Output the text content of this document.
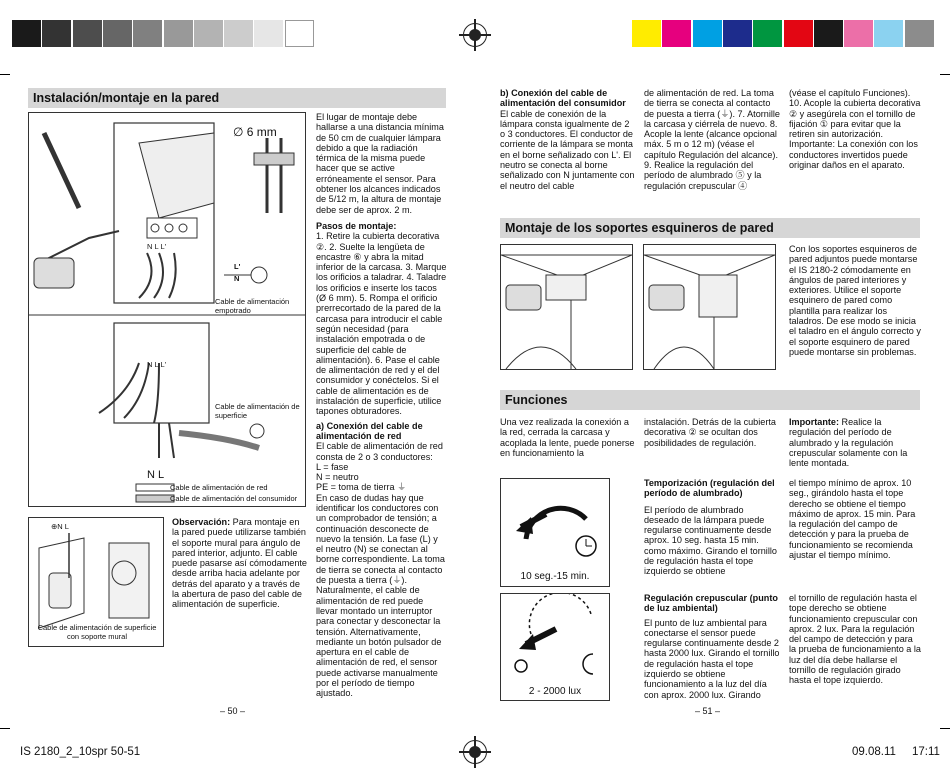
Instalación/montaje en la pared
∅ 6 mm
N L L'
L'
N
Cable de alimentación empotrado
N L L'
Cable de alimentación de superficie
N L
Cable de alimentación de red
Cable de alimentación del consumidor
⊕N L
Cable de alimentación de superficie con soporte mural

El lugar de montaje debe hallarse a una distancia mínima de 50 cm de cualquier lámpara debido a que la radiación térmica de la misma puede hacer que se active erróneamente el sensor. Para obtener los alcances indicados de 5/12 m, la altura de montaje debe ser de aprox. 2 m.

Pasos de montaje:

1. Retire la cubierta decorativa ②. 2. Suelte la lengüeta de encastre ⑥ y abra la mitad inferior de la carcasa. 3. Marque los orificios a taladrar. 4. Taladre los orificios e inserte los tacos (Ø 6 mm). 5. Rompa el orificio prerrecortado de la pared de la carcasa para introducir el cable según necesidad (para instalación empotrada o de superficie del cable de alimentación). 6. Pase el cable de alimentación de red y el del consumidor y conéctelos. Si el cable de alimentación es de instalación de superficie, utilice tapones obturadores.

a) Conexión del cable de alimentación de red

El cable de alimentación de red consta de 2 o 3 conductores:

L = fase
N = neutro
PE = toma de tierra ⏚

En caso de dudas hay que identificar los conductores con un comprobador de tensión; a continuación desconecte de nuevo la tensión. La fase (L) y el neutro (N) se conectan al borne correspondiente. La toma de tierra se conecta al contacto de puesta a tierra (⏚). Naturalmente, el cable de alimentación de red puede llevar montado un interruptor para conectar y desconectar la tensión. Alternativamente, mediante un botón pulsador de apertura en el cable de alimentación de red, el sensor puede activarse manualmente por el período de tiempo ajustado.

Observación: Para montaje en la pared puede utilizarse también el soporte mural para ángulo de pared interior, adjunto. El cable puede pasarse así cómodamente desde arriba hacia adelante por detrás del aparato y a través de la abertura de paso del cable de alimentación de superficie.
– 50 –

b) Conexión del cable de alimentación del consumidor

El cable de conexión de la lámpara consta igualmente de 2 o 3 conductores. El conductor de corriente de la lámpara se monta en el borne señalizado con L'. El neutro se conecta al borne señalizado con N juntamente con el neutro del cable

de alimentación de red. La toma de tierra se conecta al contacto de puesta a tierra (⏚). 7. Atornille la carcasa y ciérrela de nuevo. 8. Acople la lente (alcance opcional máx. 5 m o 12 m) (véase el capítulo Regulación del alcance). 9. Realice la regulación del período de alumbrado ⑤ y la regulación crepuscular ④
(véase el capítulo Funciones). 10. Acople la cubierta decorativa ② y asegúrela con el tornillo de fijación ① para evitar que la retiren sin autorización. Importante: La conexión con los conductores invertidos puede originar daños en el aparato.
Montaje de los soportes esquineros de pared
Con los soportes esquineros de pared adjuntos puede montarse el IS 2180-2 cómodamente en ángulos de pared interiores y exteriores. Utilice el soporte esquinero de pared como plantilla para realizar los taladros. De ese modo se inicia el taladro en el ángulo correcto y el soporte esquinero de pared puede montarse sin problemas.
Funciones
Una vez realizada la conexión a la red, cerrada la carcasa y acoplada la lente, puede ponerse en funcionamiento la
instalación. Detrás de la cubierta decorativa ② se ocultan dos posibilidades de regulación.
Importante: Realice la regulación del período de alumbrado y la regulación crepuscular solamente con la lente montada.
10 seg.-15 min.
2 - 2000 lux

Temporización (regulación del período de alumbrado)

El período de alumbrado deseado de la lámpara puede regularse continuamente desde aprox. 10 seg. hasta 15 min. como máximo. Girando el tornillo de regulación hasta el tope izquierdo se obtiene

el tiempo mínimo de aprox. 10 seg., girándolo hasta el tope derecho se obtiene el tiempo máximo de aprox. 15 min. Para la regulación del campo de detección y para la prueba de funcionamiento se recomienda ajustar el tiempo mínimo.

Regulación crepuscular (punto de luz ambiental)

El punto de luz ambiental para conectarse el sensor puede regularse continuamente desde 2 hasta 2000 lux. Girando el tornillo de regulación hasta el tope izquierdo se obtiene funcionamiento a la luz del día con aprox. 2000 lux. Girando

el tornillo de regulación hasta el tope derecho se obtiene funcionamiento crepuscular con aprox. 2 lux. Para la regulación del campo de detección y para la prueba de funcionamiento a la luz del día debe hallarse el tornillo de regulación girado hasta el tope izquierdo.
– 51 –
IS 2180_2_10spr 50-51	09.08.11 17:11
